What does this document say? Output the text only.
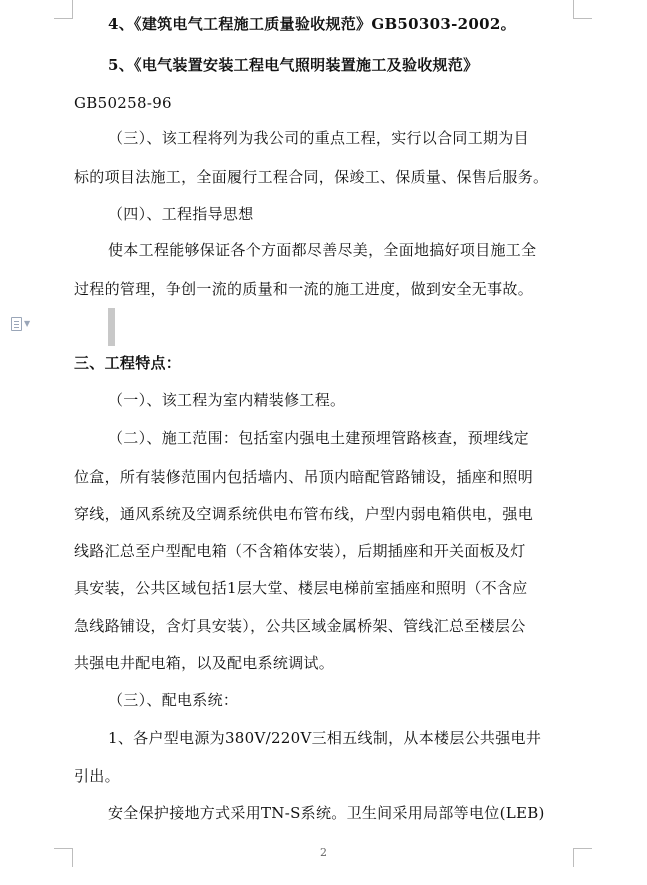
▼
4、《建筑电气工程施工质量验收规范》GB50303-2002。
5、《电气装置安装工程电气照明装置施工及验收规范》
GB50258-96
（三）、该工程将列为我公司的重点工程，实行以合同工期为目
标的项目法施工，全面履行工程合同，保竣工、保质量、保售后服务。
（四）、工程指导思想
使本工程能够保证各个方面都尽善尽美，全面地搞好项目施工全
过程的管理，争创一流的质量和一流的施工进度，做到安全无事故。
三、工程特点：
（一）、该工程为室内精装修工程。
（二）、施工范围：包括室内强电土建预埋管路核查，预埋线定
位盒，所有装修范围内包括墙内、吊顶内暗配管路铺设，插座和照明
穿线，通风系统及空调系统供电布管布线，户型内弱电箱供电，强电
线路汇总至户型配电箱（不含箱体安装），后期插座和开关面板及灯
具安装，公共区域包括1层大堂、楼层电梯前室插座和照明（不含应
急线路铺设，含灯具安装），公共区域金属桥架、管线汇总至楼层公
共强电井配电箱，以及配电系统调试。
（三）、配电系统：
1、各户型电源为380V/220V三相五线制，从本楼层公共强电井
引出。
安全保护接地方式采用TN-S系统。卫生间采用局部等电位(LEB)
2
